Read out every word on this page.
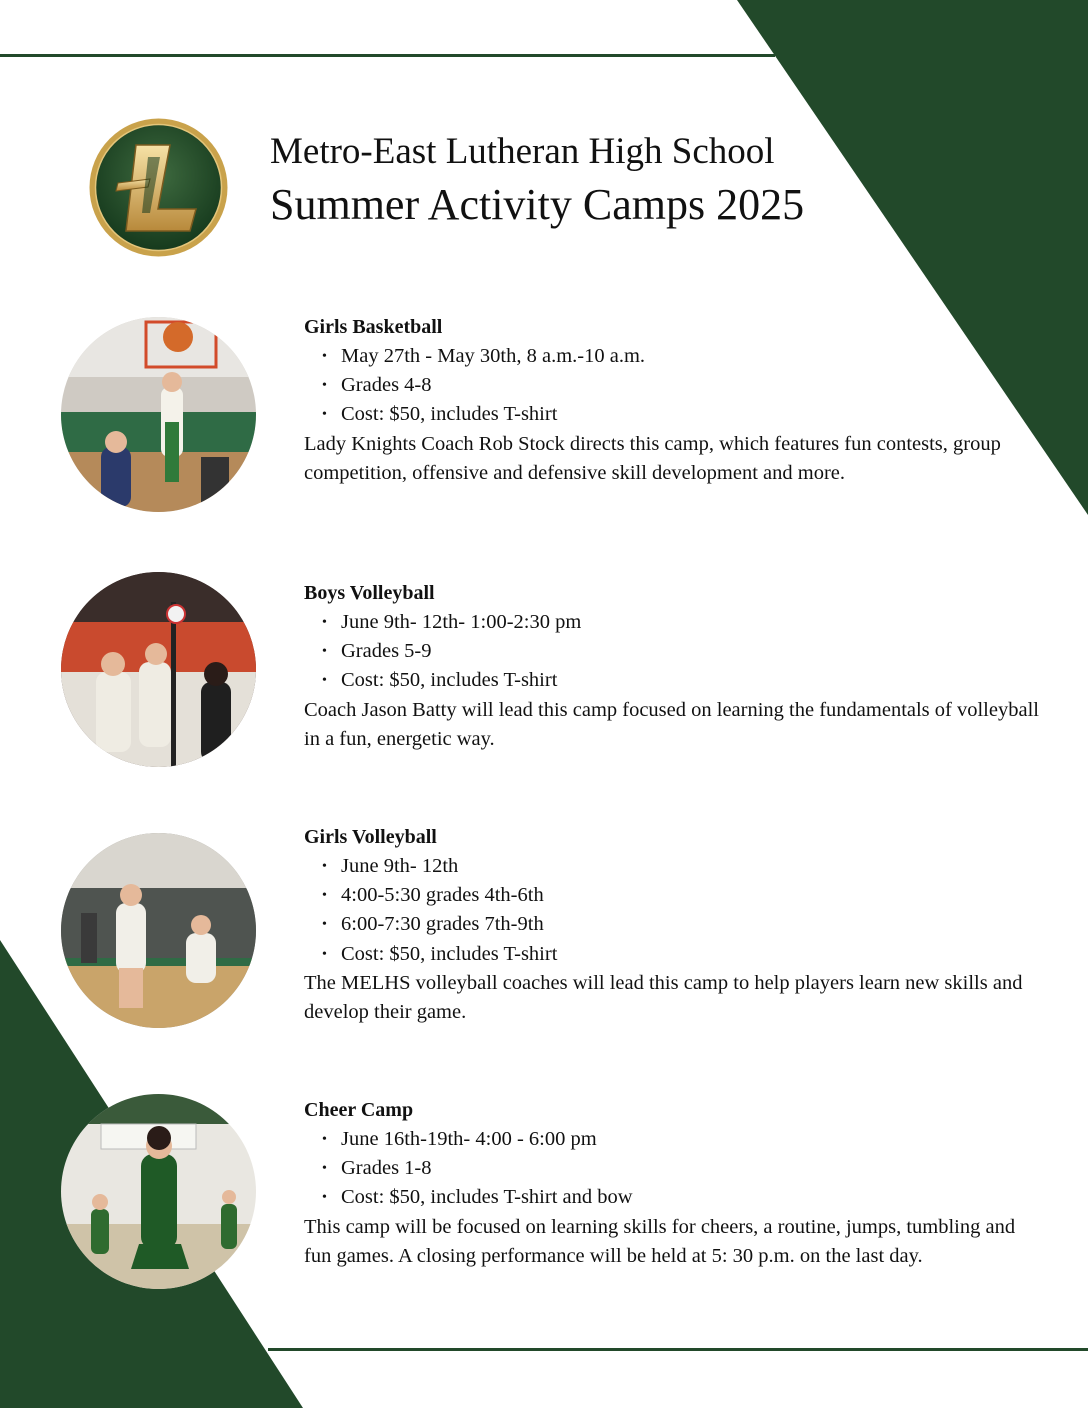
Metro-East Lutheran High School
Summer Activity Camps 2025
Girls Basketball
• May 27th - May 30th, 8 a.m.-10 a.m.
• Grades 4-8
• Cost: $50, includes T-shirt

Lady Knights Coach Rob Stock directs this camp, which features fun contests, group competition, offensive and defensive skill development and more.

Boys Volleyball
• June 9th- 12th- 1:00-2:30 pm
• Grades 5-9
• Cost: $50, includes T-shirt

Coach Jason Batty will lead this camp focused on learning the fundamentals of volleyball in a fun, energetic way.

Girls Volleyball
• June 9th- 12th
• 4:00-5:30 grades 4th-6th
• 6:00-7:30 grades 7th-9th
• Cost: $50, includes T-shirt

The MELHS volleyball coaches will lead this camp to help players learn new skills and develop their game.

Cheer Camp
• June 16th-19th- 4:00 - 6:00 pm
• Grades 1-8
• Cost: $50, includes T-shirt and bow

This camp will be focused on learning skills for cheers, a routine, jumps, tumbling and fun games. A closing performance will be held at 5: 30 p.m. on the last day.
